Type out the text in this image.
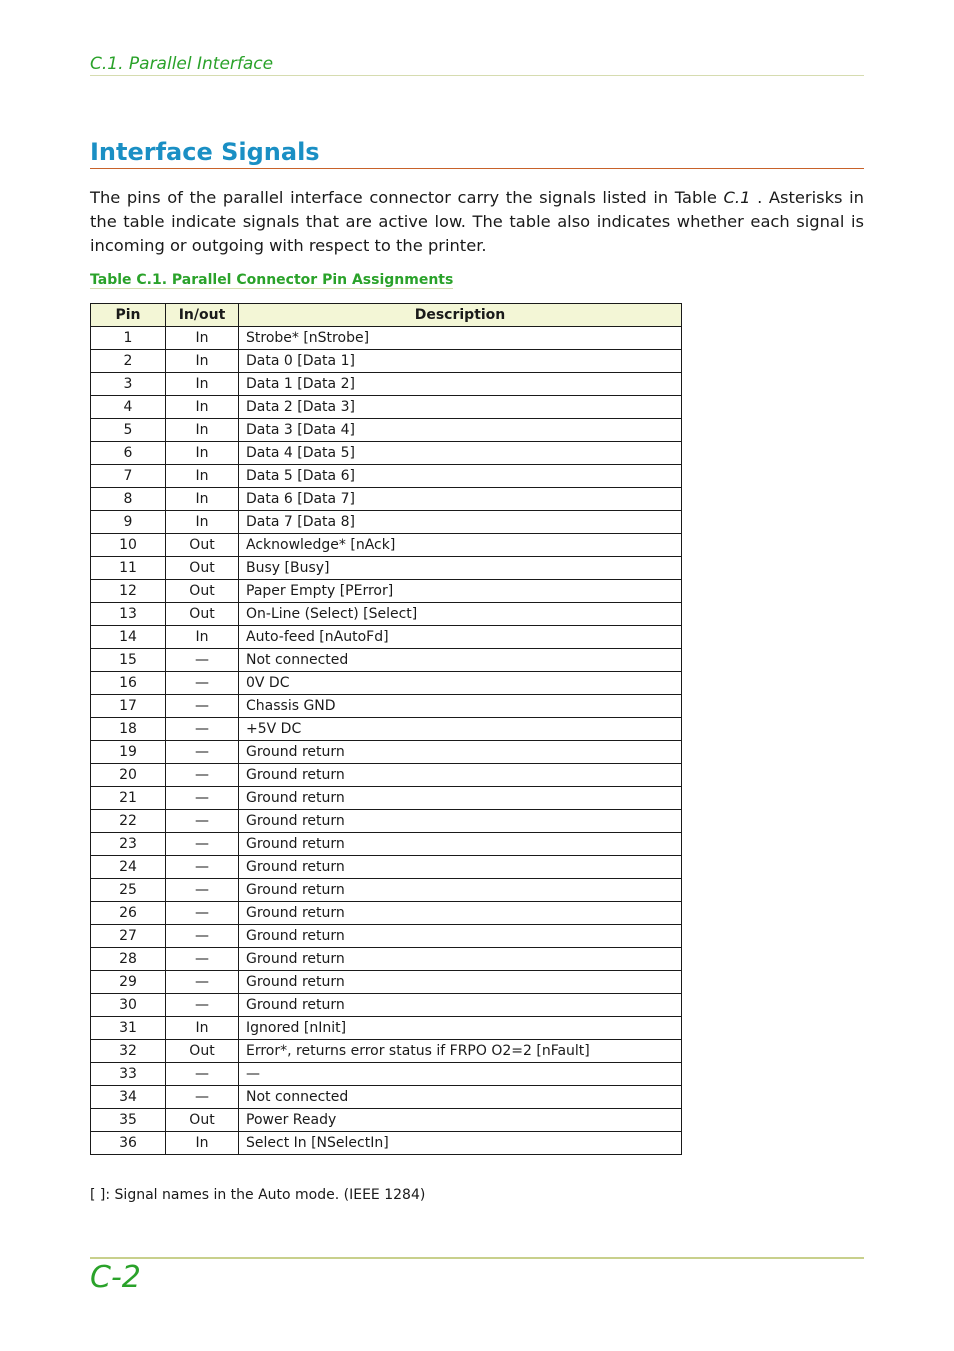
C.1. Parallel Interface
Interface Signals

The pins of the parallel interface connector carry the signals listed in Table C.1 . Asterisks in the table indicate signals that are active low. The table also indicates whether each signal is incoming or outgoing with respect to the printer.

Table C.1. Parallel Connector Pin Assignments
Pin	In/out	Description
1	In	Strobe* [nStrobe]
2	In	Data 0 [Data 1]
3	In	Data 1 [Data 2]
4	In	Data 2 [Data 3]
5	In	Data 3 [Data 4]
6	In	Data 4 [Data 5]
7	In	Data 5 [Data 6]
8	In	Data 6 [Data 7]
9	In	Data 7 [Data 8]
10	Out	Acknowledge* [nAck]
11	Out	Busy [Busy]
12	Out	Paper Empty [PError]
13	Out	On-Line (Select) [Select]
14	In	Auto-feed [nAutoFd]
15	—	Not connected
16	—	0V DC
17	—	Chassis GND
18	—	+5V DC
19	—	Ground return
20	—	Ground return
21	—	Ground return
22	—	Ground return
23	—	Ground return
24	—	Ground return
25	—	Ground return
26	—	Ground return
27	—	Ground return
28	—	Ground return
29	—	Ground return
30	—	Ground return
31	In	Ignored [nInit]
32	Out	Error*, returns error status if FRPO O2=2 [nFault]
33	—	—
34	—	Not connected
35	Out	Power Ready
36	In	Select In [NSelectIn]
[ ]: Signal names in the Auto mode. (IEEE 1284)
C-2
